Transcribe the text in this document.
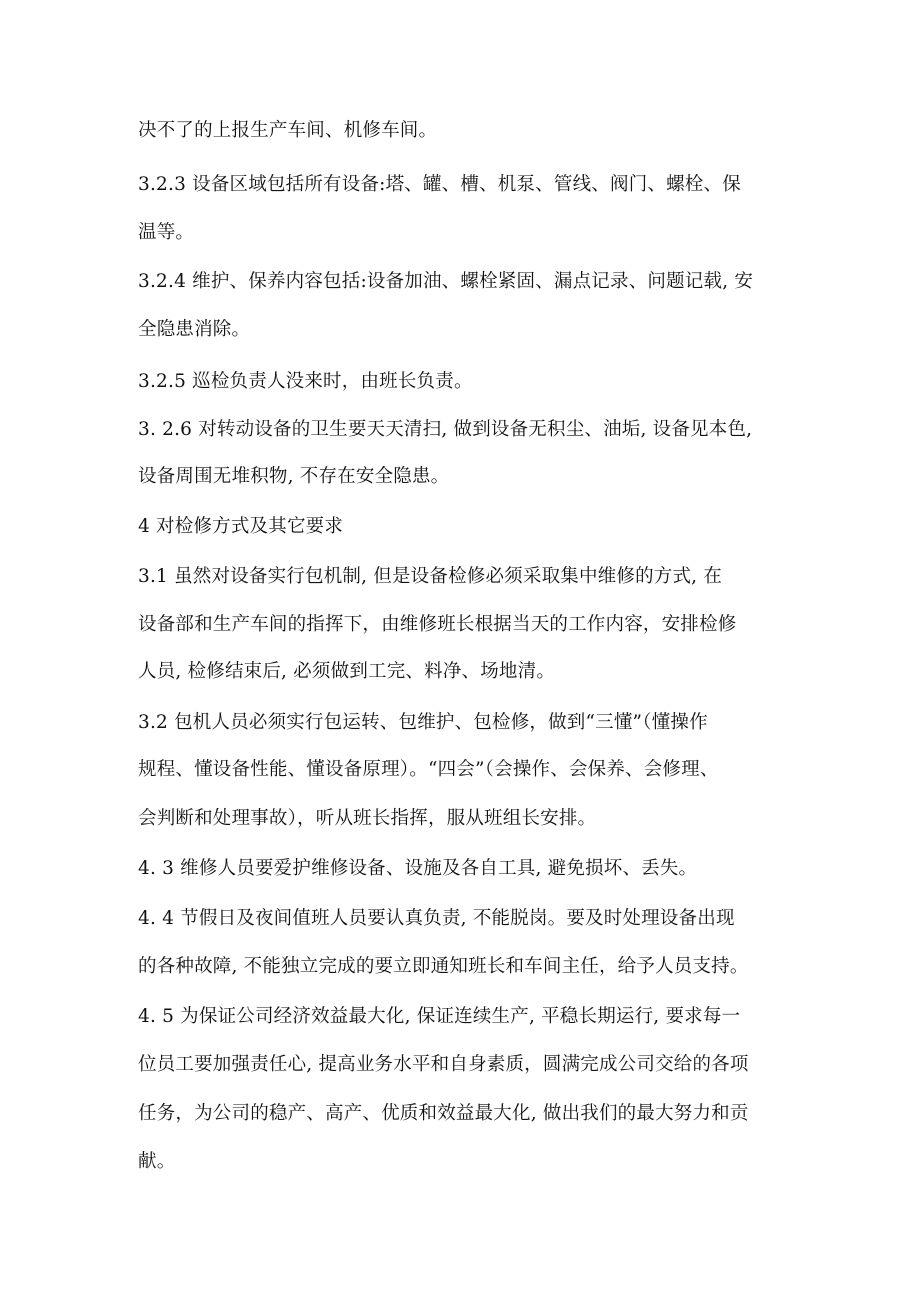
决不了的上报生产车间、机修车间。
3.2.3 设备区域包括所有设备:塔、罐、槽、机泵、管线、阀门、螺栓、保
温等。
3.2.4 维护、保养内容包括:设备加油、螺栓紧固、漏点记录、问题记载, 安
全隐患消除。
3.2.5 巡检负责人没来时，由班长负责。
3. 2.6 对转动设备的卫生要天天清扫, 做到设备无积尘、油垢, 设备见本色,
设备周围无堆积物, 不存在安全隐患。
4 对检修方式及其它要求
3.1 虽然对设备实行包机制, 但是设备检修必须采取集中维修的方式, 在
设备部和生产车间的指挥下，由维修班长根据当天的工作内容，安排检修
人员, 检修结束后, 必须做到工完、料净、场地清。
3.2 包机人员必须实行包运转、包维护、包检修，做到“三懂”（懂操作
规程、懂设备性能、懂设备原理）。“四会”（会操作、会保养、会修理、
会判断和处理事故），听从班长指挥，服从班组长安排。
4. 3 维修人员要爱护维修设备、设施及各自工具, 避免损坏、丢失。
4. 4 节假日及夜间值班人员要认真负责, 不能脱岗。要及时处理设备出现
的各种故障, 不能独立完成的要立即通知班长和车间主任，给予人员支持。
4. 5 为保证公司经济效益最大化, 保证连续生产, 平稳长期运行, 要求每一
位员工要加强责任心, 提高业务水平和自身素质，圆满完成公司交给的各项
任务，为公司的稳产、高产、优质和效益最大化, 做出我们的最大努力和贡
献。
